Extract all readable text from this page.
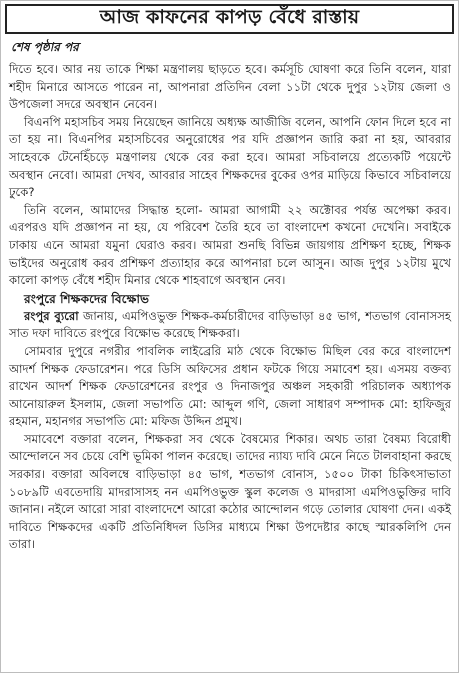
আজ কাফনের কাপড় বেঁধে রাস্তায়
শেষ পৃষ্ঠার পর

দিতে হবে। আর নয় তাকে শিক্ষা মন্ত্রণালয় ছাড়তে হবে। কর্মসূচি ঘোষণা করে তিনি বলেন, যারা শহীদ মিনারে আসতে পারেন না, আপনারা প্রতিদিন বেলা ১১টা থেকে দুপুর ১২টায় জেলা ও উপজেলা সদরে অবস্থান নেবেন।

বিএনপি মহাসচিব সময় নিয়েছেন জানিয়ে অধ্যক্ষ আজীজি বলেন, আপনি ফোন দিলে হবে না তা হয় না। বিএনপির মহাসচিবের অনুরোধের পর যদি প্রজ্ঞাপন জারি করা না হয়, আবরার সাহেবকে টেনেহিঁচড়ে মন্ত্রণালয় থেকে বের করা হবে। আমরা সচিবালয়ে প্রত্যেকটি পয়েন্টে অবস্থান নেবো। আমরা দেখব, আবরার সাহেব শিক্ষকদের বুকের ওপর মাড়িয়ে কিভাবে সচিবালয়ে ঢুকে?

তিনি বলেন, আমাদের সিদ্ধান্ত হলো- আমরা আগামী ২২ অক্টোবর পর্যন্ত অপেক্ষা করব। এরপরও যদি প্রজ্ঞাপন না হয়, যে পরিবেশ তৈরি হবে তা বাংলাদেশ কখনো দেখেনি। সবাইকে ঢাকায় এনে আমরা যমুনা ঘেরাও করব। আমরা শুনছি বিভিন্ন জায়গায় প্রশিক্ষণ হচ্ছে, শিক্ষক ভাইদের অনুরোধ করব প্রশিক্ষণ প্রত্যাহার করে আপনারা চলে আসুন। আজ দুপুর ১২টায় মুখে কালো কাপড় বেঁধে শহীদ মিনার থেকে শাহবাগে অবস্থান নেব।

রংপুরে শিক্ষকদের বিক্ষোভ

রংপুর ব্যুরো জানায়, এমপিওভুক্ত শিক্ষক-কর্মচারীদের বাড়িভাড়া ৪৫ ভাগ, শতভাগ বোনাসসহ সাত দফা দাবিতে রংপুরে বিক্ষোভ করেছে শিক্ষকরা।

সোমবার দুপুরে নগরীর পাবলিক লাইব্রেরি মাঠ থেকে বিক্ষোভ মিছিল বের করে বাংলাদেশ আদর্শ শিক্ষক ফেডারেশন। পরে ডিসি অফিসের প্রধান ফটকে গিয়ে সমাবেশ হয়। এসময় বক্তব্য রাখেন আদর্শ শিক্ষক ফেডারেশনের রংপুর ও দিনাজপুর অঞ্চল সহকারী পরিচালক অধ্যাপক আনোয়ারুল ইসলাম, জেলা সভাপতি মো: আব্দুল গণি, জেলা সাধারণ সম্পাদক মো: হাফিজুর রহমান, মহানগর সভাপতি মো: মফিজ উদ্দিন প্রমুখ।

সমাবেশে বক্তারা বলেন, শিক্ষকরা সব থেকে বৈষম্যের শিকার। অথচ তারা বৈষম্য বিরোধী আন্দোলনে সব চেয়ে বেশি ভূমিকা পালন করেছে। তাদের ন্যায্য দাবি মেনে নিতে টালবাহানা করছে সরকার। বক্তারা অবিলম্বে বাড়িভাড়া ৪৫ ভাগ, শতভাগ বোনাস, ১৫০০ টাকা চিকিৎসাভাতা ১০৮৯টি এবতেদায়ি মাদরাসাসহ নন এমপিওভুক্ত স্কুল কলেজ ও মাদরাসা এমপিওভুক্তির দাবি জানান। নইলে আরো সারা বাংলাদেশে আরো কঠোর আন্দোলন গড়ে তোলার ঘোষণা দেন। একই দাবিতে শিক্ষকদের একটি প্রতিনিধিদল ডিসির মাধ্যমে শিক্ষা উপদেষ্টার কাছে স্মারকলিপি দেন তারা।
